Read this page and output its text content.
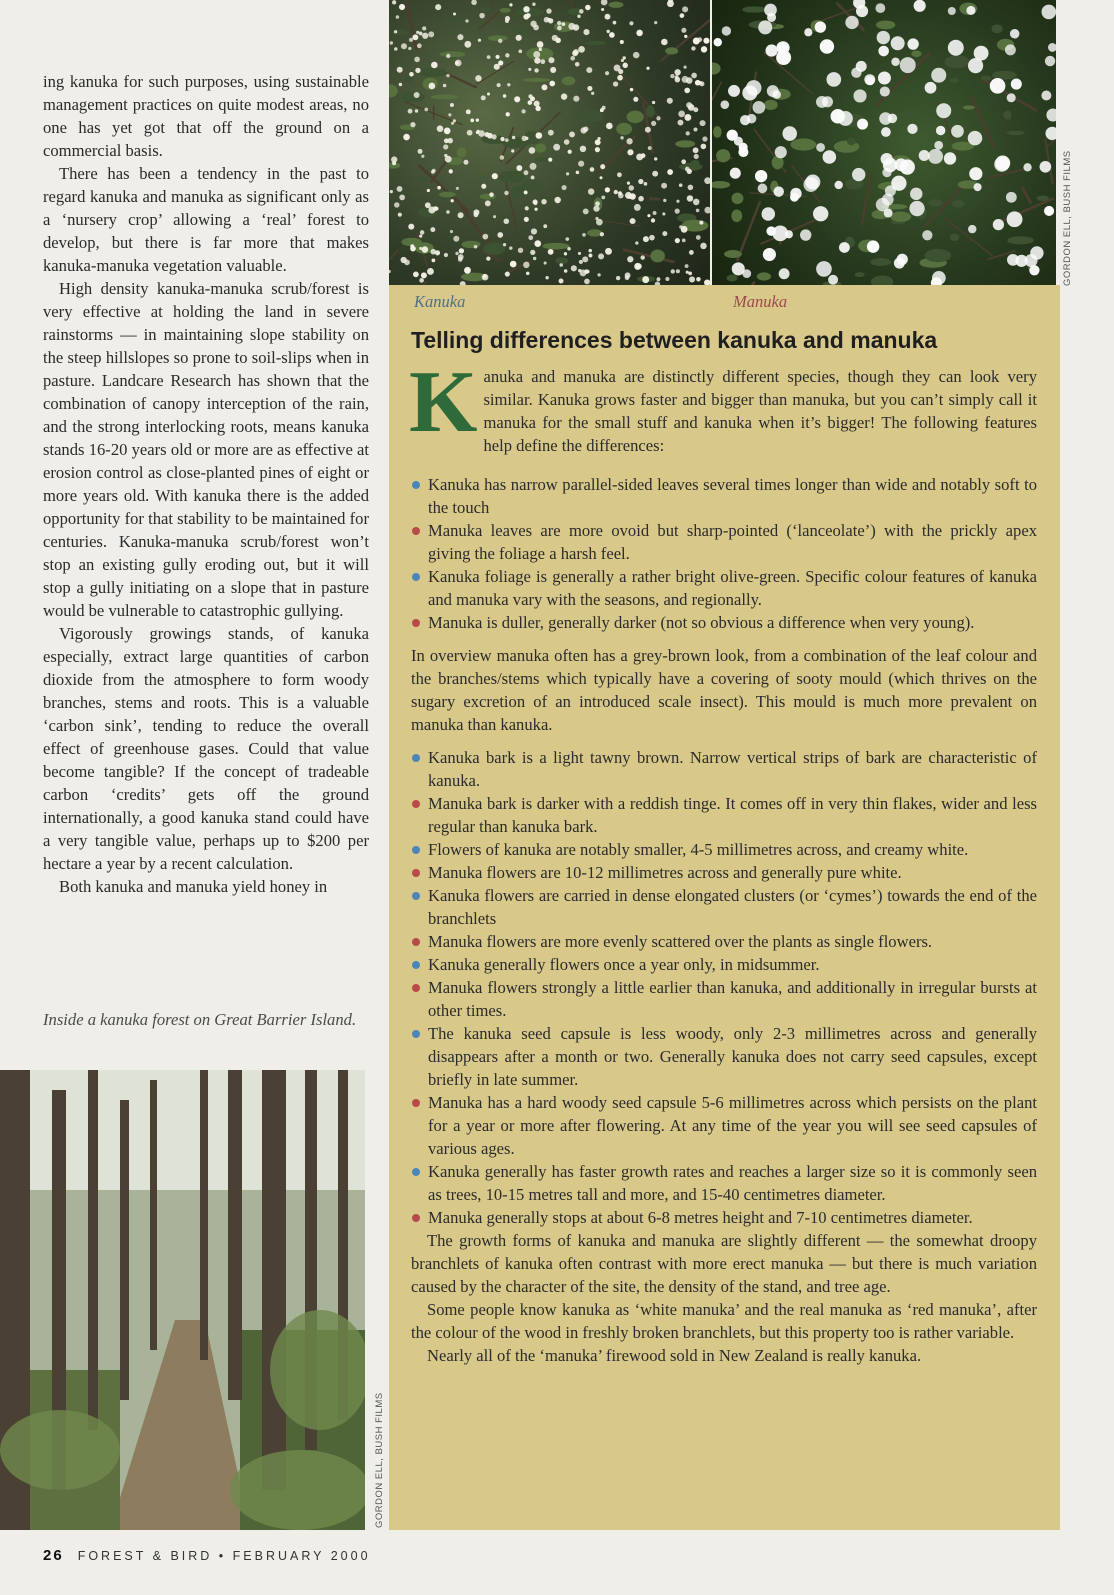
ing kanuka for such purposes, using sustainable management practices on quite modest areas, no one has yet got that off the ground on a commercial basis.

There has been a tendency in the past to regard kanuka and manuka as significant only as a ‘nursery crop’ allowing a ‘real’ forest to develop, but there is far more that makes kanuka-manuka vegetation valuable.

High density kanuka-manuka scrub/forest is very effective at holding the land in severe rainstorms — in maintaining slope stability on the steep hillslopes so prone to soil-slips when in pasture. Landcare Research has shown that the combination of canopy interception of the rain, and the strong interlocking roots, means kanuka stands 16-20 years old or more are as effective at erosion control as close-planted pines of eight or more years old. With kanuka there is the added opportunity for that stability to be maintained for centuries. Kanuka-manuka scrub/forest won’t stop an existing gully eroding out, but it will stop a gully initiating on a slope that in pasture would be vulnerable to catastrophic gullying.

Vigorously growings stands, of kanuka especially, extract large quantities of carbon dioxide from the atmosphere to form woody branches, stems and roots. This is a valuable ‘carbon sink’, tending to reduce the overall effect of greenhouse gases. Could that value become tangible? If the concept of tradeable carbon ‘credits’ gets off the ground internationally, a good kanuka stand could have a very tangible value, perhaps up to $200 per hectare a year by a recent calculation.

Both kanuka and manuka yield honey in

Inside a kanuka forest on Great Barrier Island.
GORDON ELL, BUSH FILMS
GORDON ELL, BUSH FILMS
Kanuka	Manuka
Telling differences between kanuka and manuka

Kanuka and manuka are distinctly different species, though they can look very similar. Kanuka grows faster and bigger than manuka, but you can’t simply call it manuka for the small stuff and kanuka when it’s bigger! The following features help define the differences:

Kanuka has narrow parallel-sided leaves several times longer than wide and notably soft to the touch
Manuka leaves are more ovoid but sharp-pointed (‘lanceolate’) with the prickly apex giving the foliage a harsh feel.
Kanuka foliage is generally a rather bright olive-green. Specific colour features of kanuka and manuka vary with the seasons, and regionally.
Manuka is duller, generally darker (not so obvious a difference when very young).

In overview manuka often has a grey-brown look, from a combination of the leaf colour and the branches/stems which typically have a covering of sooty mould (which thrives on the sugary excretion of an introduced scale insect). This mould is much more prevalent on manuka than kanuka.

Kanuka bark is a light tawny brown. Narrow vertical strips of bark are characteristic of kanuka.
Manuka bark is darker with a reddish tinge. It comes off in very thin flakes, wider and less regular than kanuka bark.
Flowers of kanuka are notably smaller, 4-5 millimetres across, and creamy white.
Manuka flowers are 10-12 millimetres across and generally pure white.
Kanuka flowers are carried in dense elongated clusters (or ‘cymes’) towards the end of the branchlets
Manuka flowers are more evenly scattered over the plants as single flowers.
Kanuka generally flowers once a year only, in midsummer.
Manuka flowers strongly a little earlier than kanuka, and additionally in irregular bursts at other times.
The kanuka seed capsule is less woody, only 2-3 millimetres across and generally disappears after a month or two. Generally kanuka does not carry seed capsules, except briefly in late summer.
Manuka has a hard woody seed capsule 5-6 millimetres across which persists on the plant for a year or more after flowering. At any time of the year you will see seed capsules of various ages.
Kanuka generally has faster growth rates and reaches a larger size so it is commonly seen as trees, 10-15 metres tall and more, and 15-40 centimetres diameter.
Manuka generally stops at about 6-8 metres height and 7-10 centimetres diameter.

The growth forms of kanuka and manuka are slightly different — the somewhat droopy branchlets of kanuka often contrast with more erect manuka — but there is much variation caused by the character of the site, the density of the stand, and tree age.

Some people know kanuka as ‘white manuka’ and the real manuka as ‘red manuka’, after the colour of the wood in freshly broken branchlets, but this property too is rather variable.

Nearly all of the ‘manuka’ firewood sold in New Zealand is really kanuka.

26 FOREST & BIRD • FEBRUARY 2000
